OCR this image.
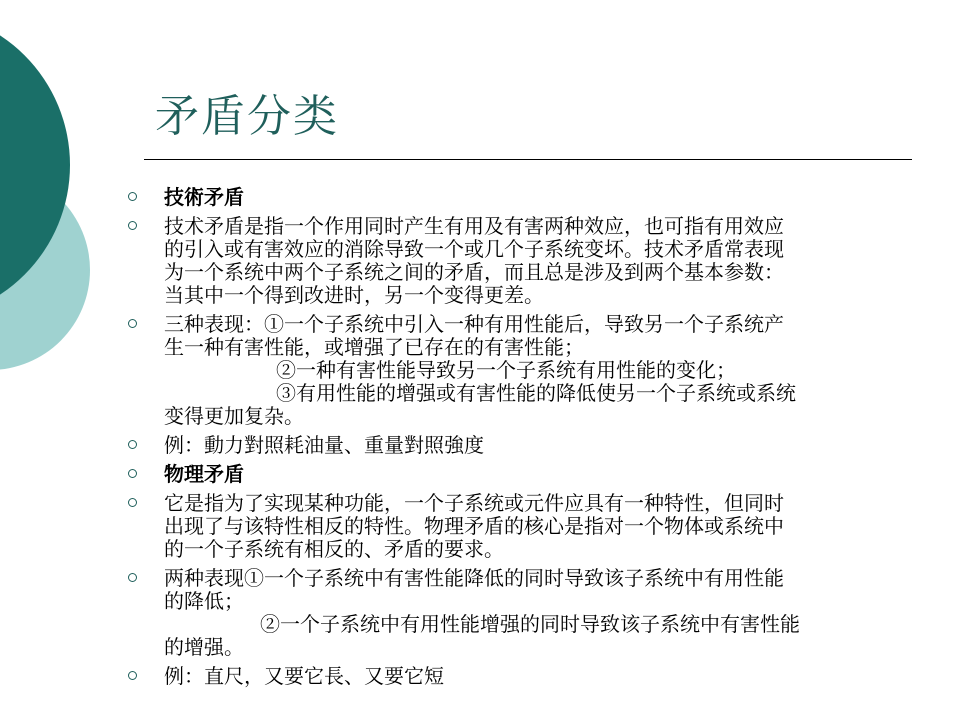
矛盾分类
技術矛盾
技术矛盾是指一个作用同时产生有用及有害两种效应，也可指有用效应
的引入或有害效应的消除导致一个或几个子系统变坏。技术矛盾常表现
为一个系统中两个子系统之间的矛盾，而且总是涉及到两个基本参数：
当其中一个得到改进时，另一个变得更差。
三种表现：①一个子系统中引入一种有用性能后，导致另一个子系统产
生一种有害性能，或增强了已存在的有害性能；
②一种有害性能导致另一个子系统有用性能的变化；
③有用性能的增强或有害性能的降低使另一个子系统或系统
变得更加复杂。
例：動力對照耗油量、重量對照強度
物理矛盾
它是指为了实现某种功能，一个子系统或元件应具有一种特性，但同时
出现了与该特性相反的特性。物理矛盾的核心是指对一个物体或系统中
的一个子系统有相反的、矛盾的要求。
两种表现①一个子系统中有害性能降低的同时导致该子系统中有用性能
的降低；
②一个子系统中有用性能增强的同时导致该子系统中有害性能
的增强。
例：直尺，又要它長、又要它短
